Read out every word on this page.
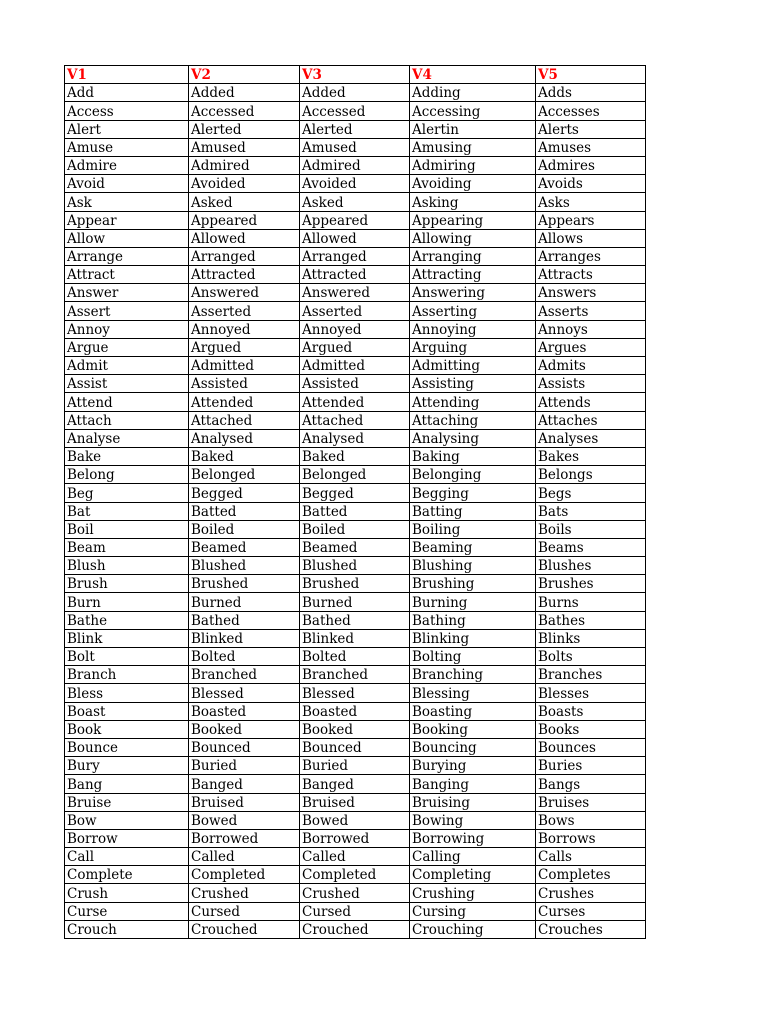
V1	V2	V3	V4	V5
Add	Added	Added	Adding	Adds
Access	Accessed	Accessed	Accessing	Accesses
Alert	Alerted	Alerted	Alertin	Alerts
Amuse	Amused	Amused	Amusing	Amuses
Admire	Admired	Admired	Admiring	Admires
Avoid	Avoided	Avoided	Avoiding	Avoids
Ask	Asked	Asked	Asking	Asks
Appear	Appeared	Appeared	Appearing	Appears
Allow	Allowed	Allowed	Allowing	Allows
Arrange	Arranged	Arranged	Arranging	Arranges
Attract	Attracted	Attracted	Attracting	Attracts
Answer	Answered	Answered	Answering	Answers
Assert	Asserted	Asserted	Asserting	Asserts
Annoy	Annoyed	Annoyed	Annoying	Annoys
Argue	Argued	Argued	Arguing	Argues
Admit	Admitted	Admitted	Admitting	Admits
Assist	Assisted	Assisted	Assisting	Assists
Attend	Attended	Attended	Attending	Attends
Attach	Attached	Attached	Attaching	Attaches
Analyse	Analysed	Analysed	Analysing	Analyses
Bake	Baked	Baked	Baking	Bakes
Belong	Belonged	Belonged	Belonging	Belongs
Beg	Begged	Begged	Begging	Begs
Bat	Batted	Batted	Batting	Bats
Boil	Boiled	Boiled	Boiling	Boils
Beam	Beamed	Beamed	Beaming	Beams
Blush	Blushed	Blushed	Blushing	Blushes
Brush	Brushed	Brushed	Brushing	Brushes
Burn	Burned	Burned	Burning	Burns
Bathe	Bathed	Bathed	Bathing	Bathes
Blink	Blinked	Blinked	Blinking	Blinks
Bolt	Bolted	Bolted	Bolting	Bolts
Branch	Branched	Branched	Branching	Branches
Bless	Blessed	Blessed	Blessing	Blesses
Boast	Boasted	Boasted	Boasting	Boasts
Book	Booked	Booked	Booking	Books
Bounce	Bounced	Bounced	Bouncing	Bounces
Bury	Buried	Buried	Burying	Buries
Bang	Banged	Banged	Banging	Bangs
Bruise	Bruised	Bruised	Bruising	Bruises
Bow	Bowed	Bowed	Bowing	Bows
Borrow	Borrowed	Borrowed	Borrowing	Borrows
Call	Called	Called	Calling	Calls
Complete	Completed	Completed	Completing	Completes
Crush	Crushed	Crushed	Crushing	Crushes
Curse	Cursed	Cursed	Cursing	Curses
Crouch	Crouched	Crouched	Crouching	Crouches
